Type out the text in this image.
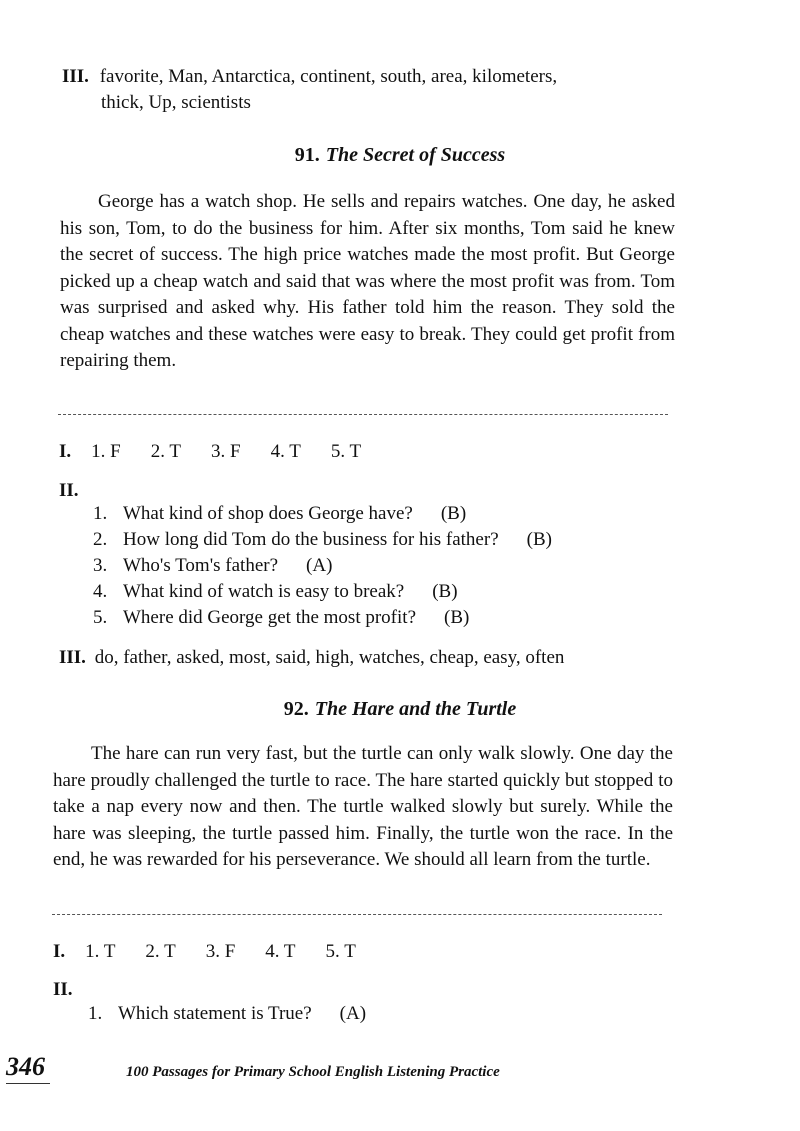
III. favorite, Man, Antarctica, continent, south, area, kilometers,
thick, Up, scientists
91. The Secret of Success
George has a watch shop. He sells and repairs watches. One day, he asked his son, Tom, to do the business for him. After six months, Tom said he knew the secret of success. The high price watches made the most profit. But George picked up a cheap watch and said that was where the most profit was from. Tom was surprised and asked why. His father told him the reason. They sold the cheap watches and these watches were easy to break. They could get profit from repairing them.
I. 1. F 2. T 3. F 4. T 5. T
II.
1. What kind of shop does George have? (B)
2. How long did Tom do the business for his father? (B)
3. Who's Tom's father? (A)
4. What kind of watch is easy to break? (B)
5. Where did George get the most profit? (B)
III. do, father, asked, most, said, high, watches, cheap, easy, often
92. The Hare and the Turtle
The hare can run very fast, but the turtle can only walk slowly. One day the hare proudly challenged the turtle to race. The hare started quickly but stopped to take a nap every now and then. The turtle walked slowly but surely. While the hare was sleeping, the turtle passed him. Finally, the turtle won the race. In the end, he was rewarded for his perseverance. We should all learn from the turtle.
I. 1. T 2. T 3. F 4. T 5. T
II.
1. Which statement is True? (A)
346	100 Passages for Primary School English Listening Practice
